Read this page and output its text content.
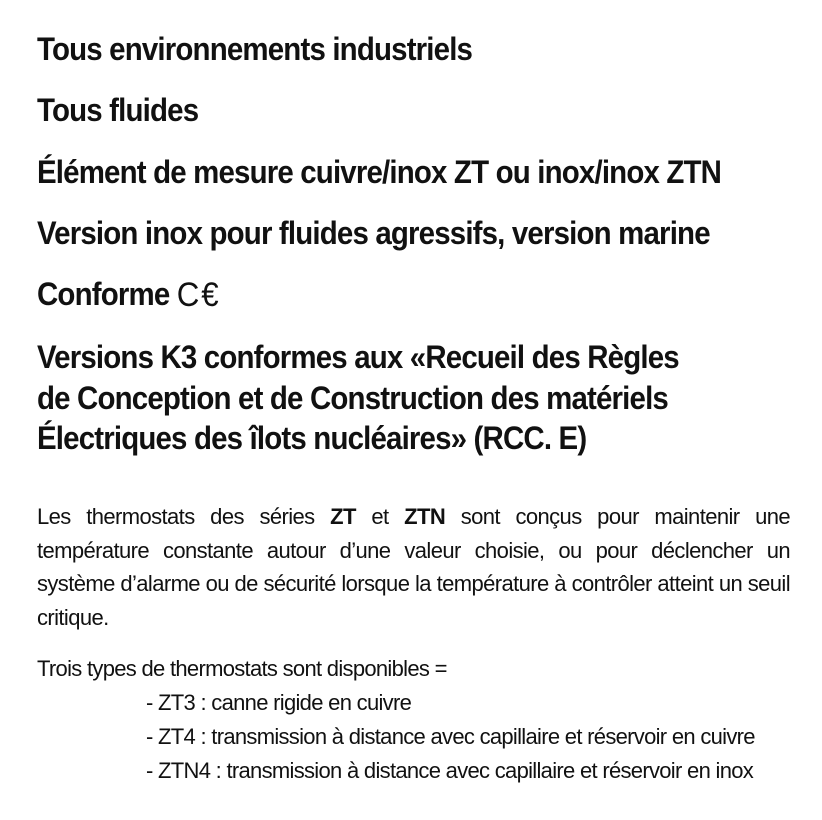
Tous environnements industriels
Tous fluides
Élément de mesure cuivre/inox ZT ou inox/inox ZTN
Version inox pour fluides agressifs, version marine
Conforme C€
Versions K3 conformes aux «Recueil des Règles
de Conception et de Construction des matériels
Électriques des îlots nucléaires» (RCC. E)

Les thermostats des séries ZT et ZTN sont conçus pour maintenir une température constante autour d’une valeur choisie, ou pour déclencher un système d’alarme ou de sécurité lorsque la température à contrôler atteint un seuil critique.

Trois types de thermostats sont disponibles =
- ZT3 : canne rigide en cuivre
- ZT4 : transmission à distance avec capillaire et réservoir en cuivre
- ZTN4 : transmission à distance avec capillaire et réservoir en inox
